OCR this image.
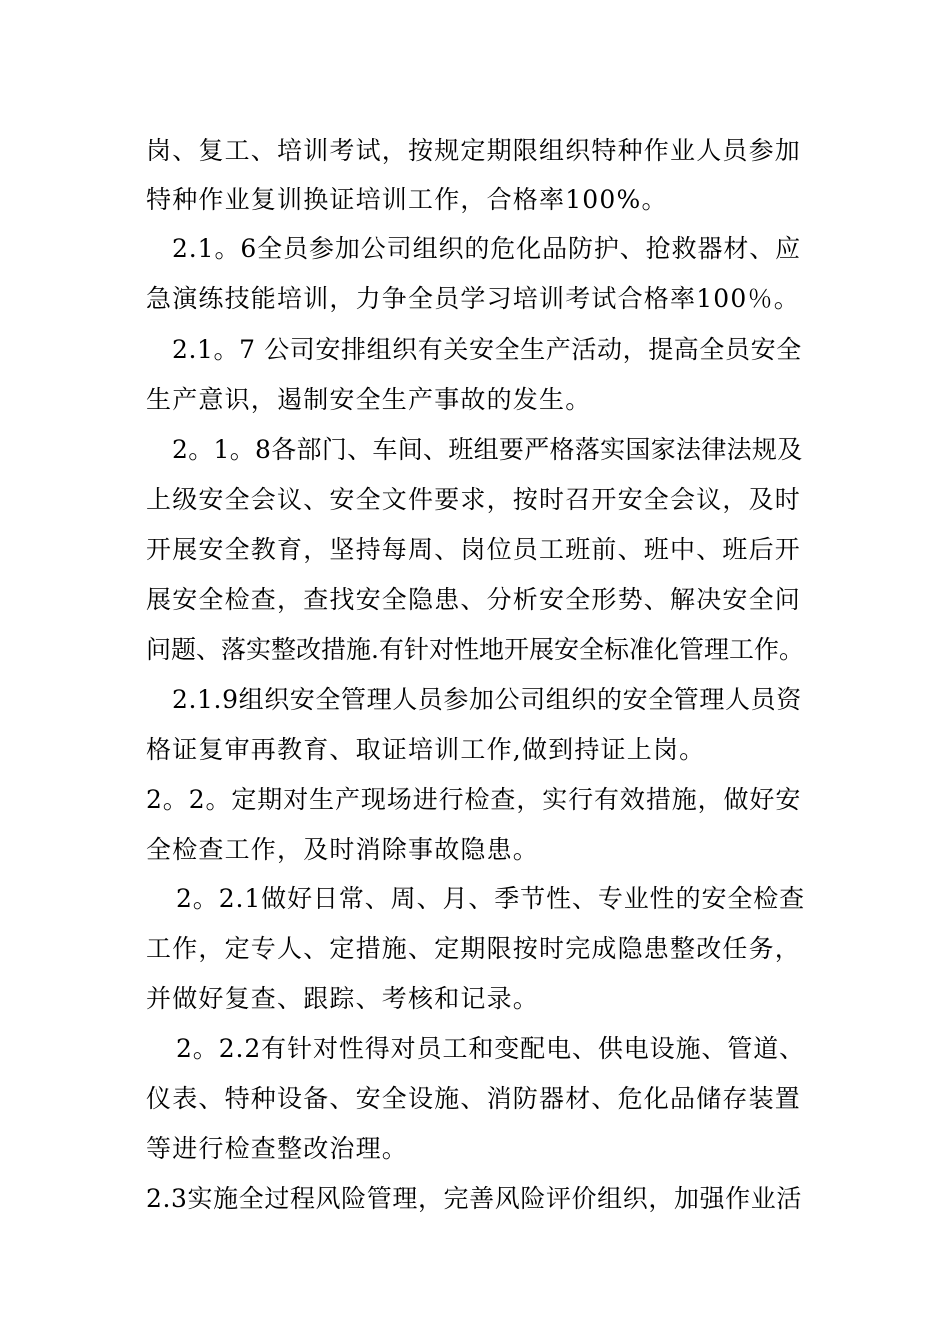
岗、复工、培训考试，按规定期限组织特种作业人员参加
特种作业复训换证培训工作，合格率100%。
2.1。6全员参加公司组织的危化品防护、抢救器材、应
急演练技能培训，力争全员学习培训考试合格率100％。
2.1。7 公司安排组织有关安全生产活动，提高全员安全
生产意识，遏制安全生产事故的发生。
2。1。8各部门、车间、班组要严格落实国家法律法规及
上级安全会议、安全文件要求，按时召开安全会议，及时
开展安全教育，坚持每周、岗位员工班前、班中、班后开
展安全检查，查找安全隐患、分析安全形势、解决安全问
问题、落实整改措施.有针对性地开展安全标准化管理工作。
2.1.9组织安全管理人员参加公司组织的安全管理人员资
格证复审再教育、取证培训工作,做到持证上岗。
2。2。定期对生产现场进行检查，实行有效措施，做好安
全检查工作，及时消除事故隐患。
2。2.1做好日常、周、月、季节性、专业性的安全检查
工作，定专人、定措施、定期限按时完成隐患整改任务，
并做好复查、跟踪、考核和记录。
2。2.2有针对性得对员工和变配电、供电设施、管道、
仪表、特种设备、安全设施、消防器材、危化品储存装置
等进行检查整改治理。
2.3实施全过程风险管理，完善风险评价组织，加强作业活
